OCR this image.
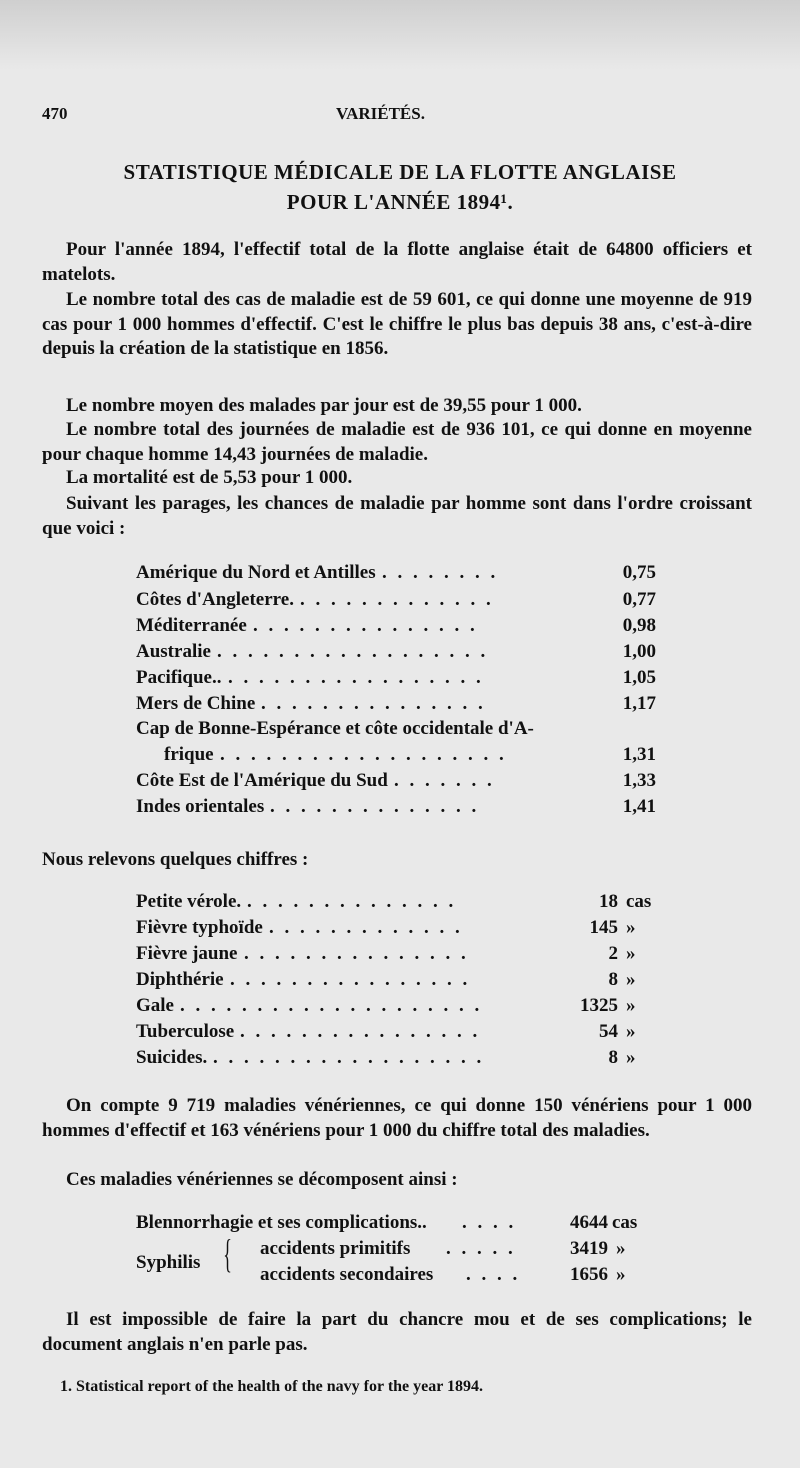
470	VARIÉTÉS.
STATISTIQUE MÉDICALE DE LA FLOTTE ANGLAISE
POUR L'ANNÉE 1894¹.
Pour l'année 1894, l'effectif total de la flotte anglaise était de 64800 officiers et matelots.
Le nombre total des cas de maladie est de 59 601, ce qui donne une moyenne de 919 cas pour 1 000 hommes d'effectif. C'est le chiffre le plus bas depuis 38 ans, c'est-à-dire depuis la création de la statistique en 1856.
Le nombre moyen des malades par jour est de 39,55 pour 1 000.
Le nombre total des journées de maladie est de 936 101, ce qui donne en moyenne pour chaque homme 14,43 journées de maladie.
La mortalité est de 5,53 pour 1 000.
Suivant les parages, les chances de maladie par homme sont dans l'ordre croissant que voici :
Amérique du Nord et Antilles . . . . . . . .	0,75
Côtes d'Angleterre. . . . . . . . . . . . . .	0,77
Méditerranée . . . . . . . . . . . . . . .	0,98
Australie . . . . . . . . . . . . . . . . . .	1,00
Pacifique.. . . . . . . . . . . . . . . . . .	1,05
Mers de Chine . . . . . . . . . . . . . . .	1,17
Cap de Bonne-Espérance et côte occidentale d'A-
frique . . . . . . . . . . . . . . . . . . .	1,31
Côte Est de l'Amérique du Sud . . . . . . .	1,33
Indes orientales . . . . . . . . . . . . . .	1,41
Nous relevons quelques chiffres :
Petite vérole. . . . . . . . . . . . . . .	18 cas
Fièvre typhoïde . . . . . . . . . . . . .	145 »
Fièvre jaune . . . . . . . . . . . . . . .	2 »
Diphthérie . . . . . . . . . . . . . . . .	8 »
Gale . . . . . . . . . . . . . . . . . . . .	1325 »
Tuberculose . . . . . . . . . . . . . . . .	54 »
Suicides. . . . . . . . . . . . . . . . . . .	8 »
On compte 9 719 maladies vénériennes, ce qui donne 150 vénériens pour 1 000 hommes d'effectif et 163 vénériens pour 1 000 du chiffre total des maladies.
Ces maladies vénériennes se décomposent ainsi :
Blennorrhagie et ses complications.. . . . .	4644 cas
Syphilis { accidents primitifs . . . . .	3419 »
accidents secondaires . . . .	1656 »
Il est impossible de faire la part du chancre mou et de ses complications; le document anglais n'en parle pas.
1. Statistical report of the health of the navy for the year 1894.
